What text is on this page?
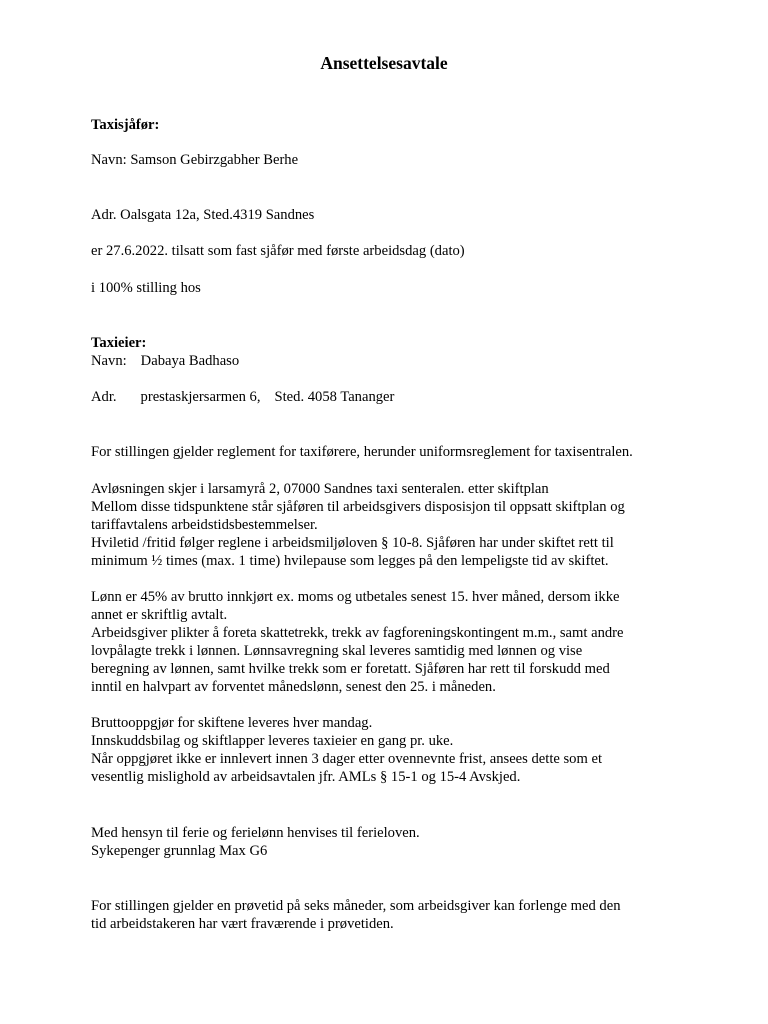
Ansettelsesavtale
Taxisjåfør:
Navn: Samson Gebirzgabher Berhe
Adr. Oalsgata 12a, Sted.4319 Sandnes
er 27.6.2022. tilsatt som fast sjåfør med første arbeidsdag (dato)
i 100% stilling hos
Taxieier:
Navn: Dabaya Badhaso
Adr. prestaskjersarmen 6, Sted. 4058 Tananger
For stillingen gjelder reglement for taxiførere, herunder uniformsreglement for taxisentralen.
Avløsningen skjer i larsamyrå 2, 07000 Sandnes taxi senteralen. etter skiftplan
Mellom disse tidspunktene står sjåføren til arbeidsgivers disposisjon til oppsatt skiftplan og
tariffavtalens arbeidstidsbestemmelser.
Hviletid /fritid følger reglene i arbeidsmiljøloven § 10-8. Sjåføren har under skiftet rett til
minimum ½ times (max. 1 time) hvilepause som legges på den lempeligste tid av skiftet.
Lønn er 45% av brutto innkjørt ex. moms og utbetales senest 15. hver måned, dersom ikke
annet er skriftlig avtalt.
Arbeidsgiver plikter å foreta skattetrekk, trekk av fagforeningskontingent m.m., samt andre
lovpålagte trekk i lønnen. Lønnsavregning skal leveres samtidig med lønnen og vise
beregning av lønnen, samt hvilke trekk som er foretatt. Sjåføren har rett til forskudd med
inntil en halvpart av forventet månedslønn, senest den 25. i måneden.
Bruttooppgjør for skiftene leveres hver mandag.
Innskuddsbilag og skiftlapper leveres taxieier en gang pr. uke.
Når oppgjøret ikke er innlevert innen 3 dager etter ovennevnte frist, ansees dette som et
vesentlig mislighold av arbeidsavtalen jfr. AMLs § 15-1 og 15-4 Avskjed.
Med hensyn til ferie og feriel​ønn henvises til ferieloven.
Sykepenger grunnlag Max G6
For stillingen gjelder en prøvetid på seks måneder, som arbeidsgiver kan forlenge med den
tid arbeidstakeren har vært fraværende i prøvetiden.
